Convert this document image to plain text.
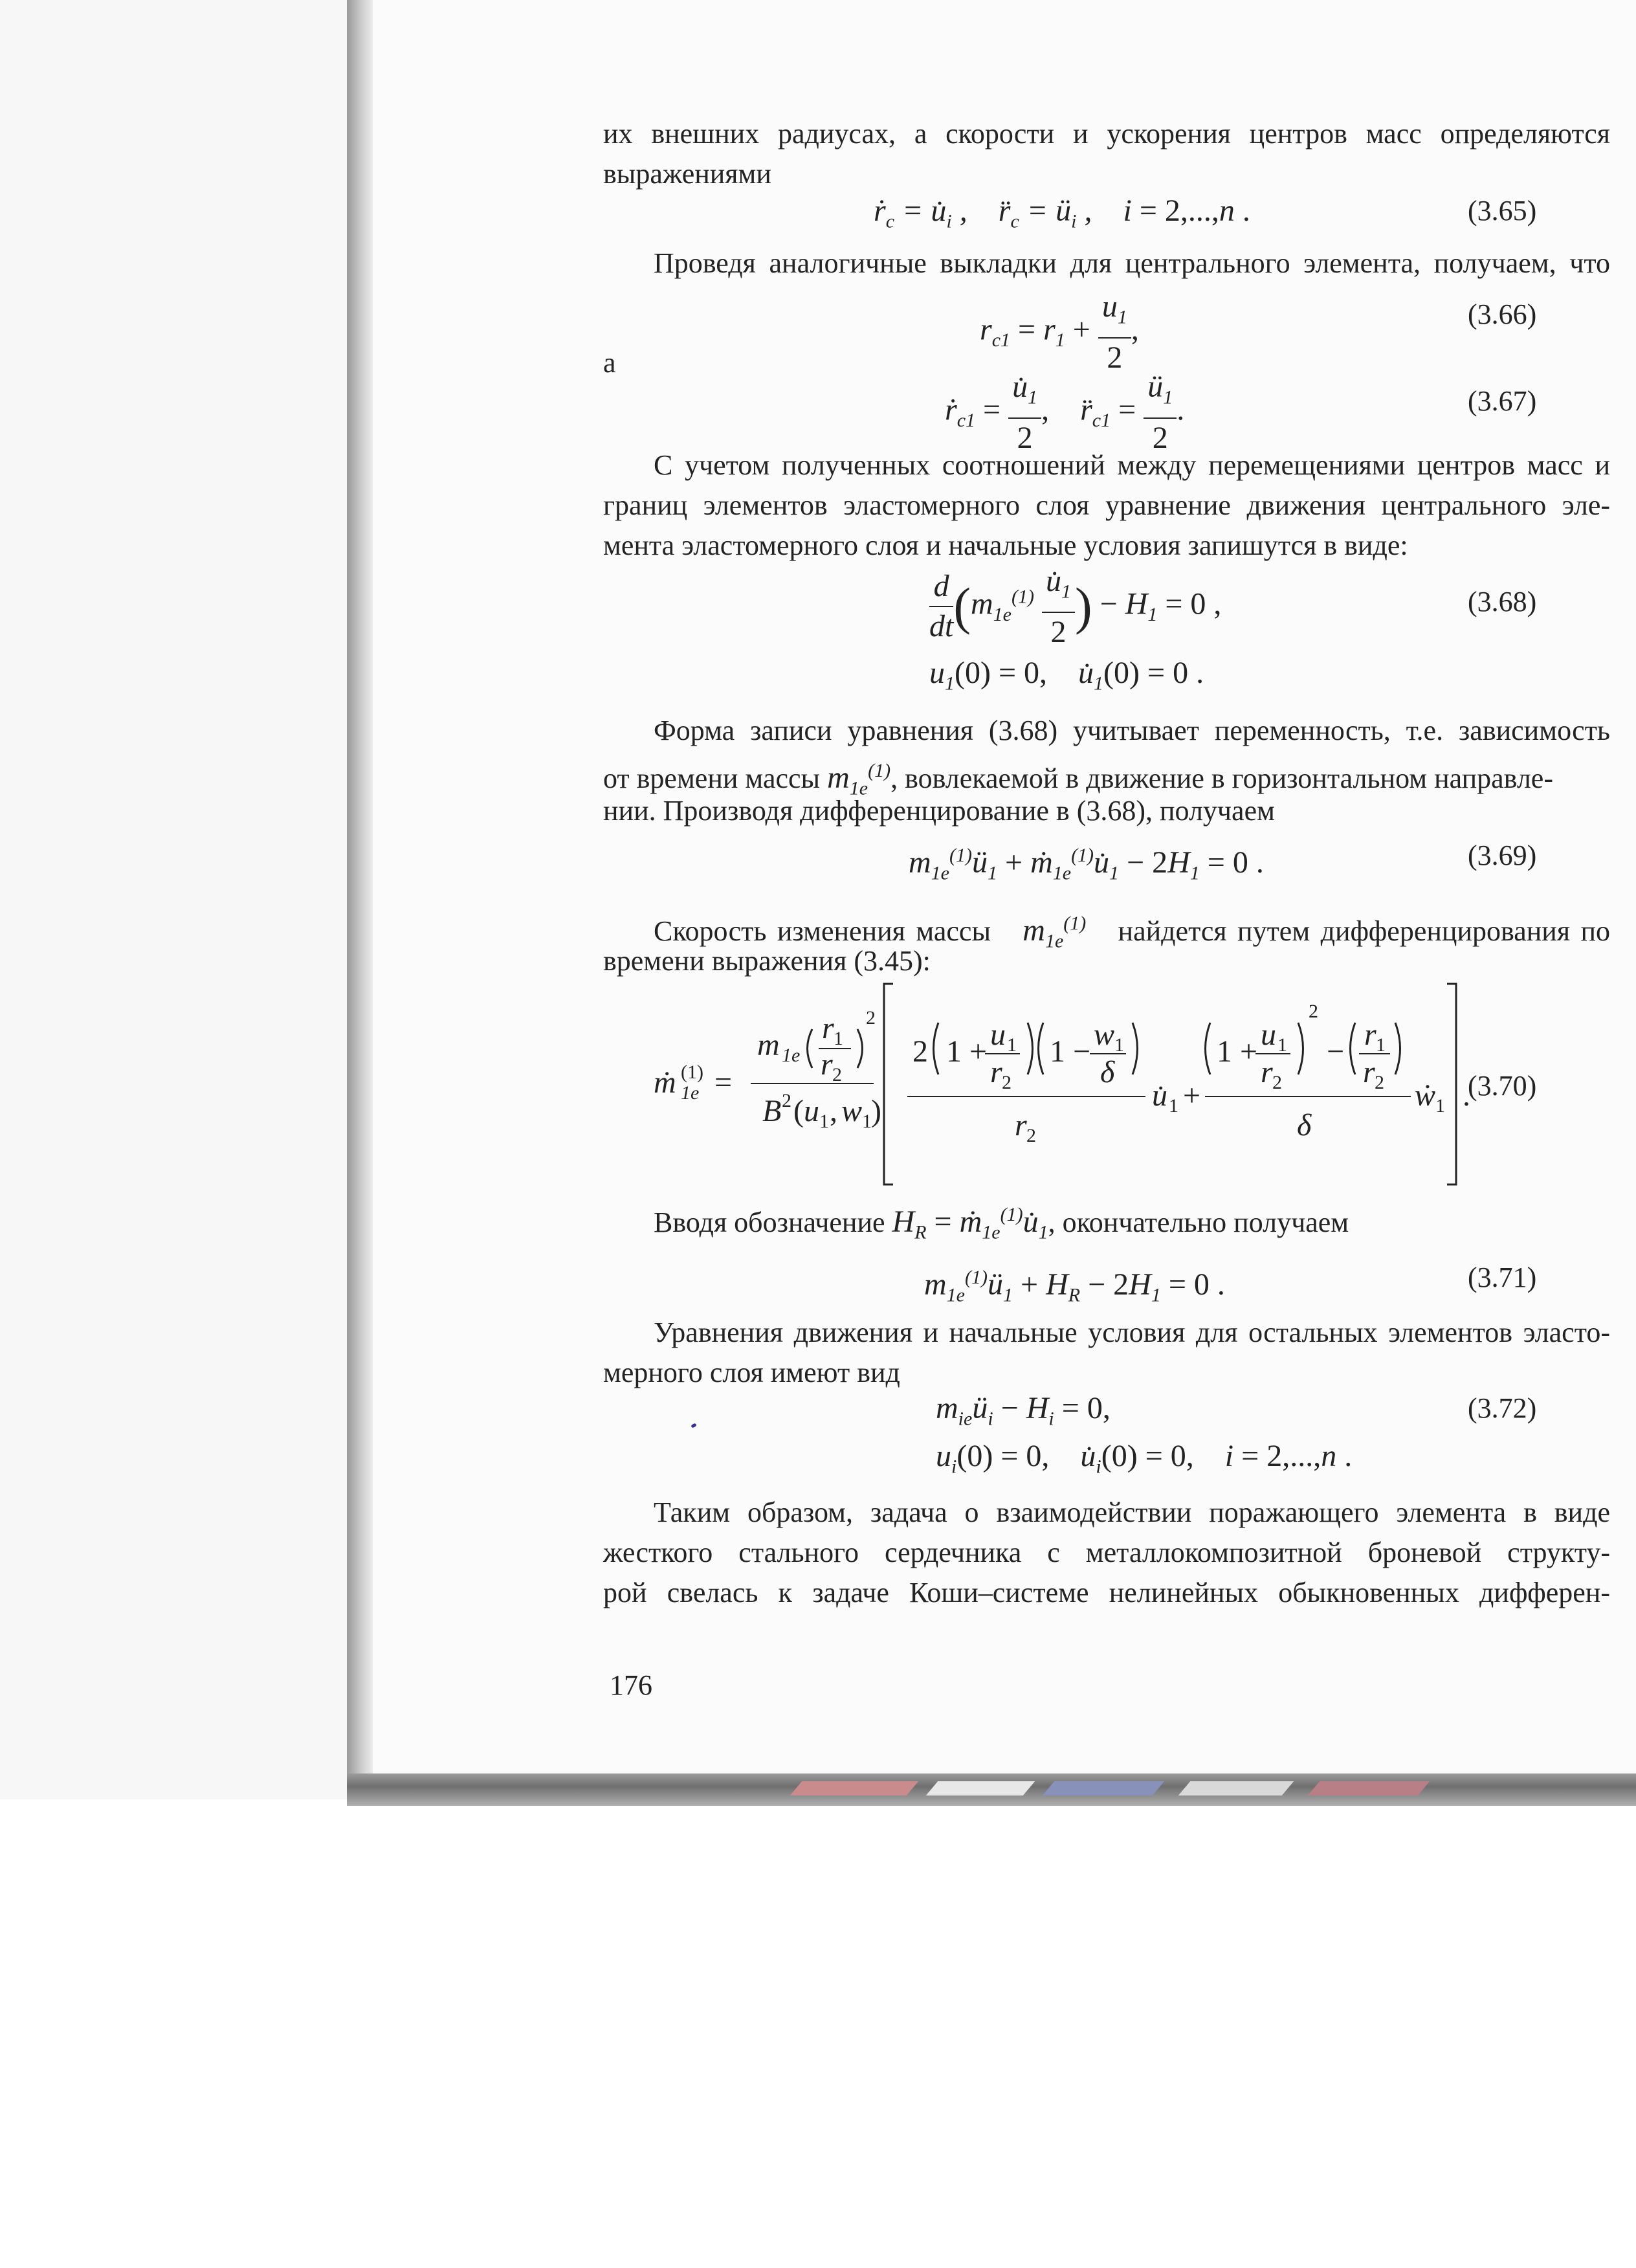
их внешних радиусах, а скорости и ускорения центров масс определяются
выражениями
ṙ$_c$ = $u̇_i$ ,    $r̈_c$ = $ü_i$ ,    i = 2,...,n .	(3.65)
Проведя аналогичные выкладки для центрального элемента, получаем, что
$r_{c1} = r_1 + \frac{u_1}{2}$ ,	(3.66)
а
ṙ$_{c1}$ = $\frac{u̇_1}{2}$ ,    $r̈_{c1} = \frac{ü_1}{2}$ .	(3.67)
С учетом полученных соотношений между перемещениями центров масс и
границ элементов эластомерного слоя уравнение движения центрального эле-
мента эластомерного слоя и начальные условия запишутся в виде:
$\frac{d}{dt} (m_{1e}^{(1)} \frac{u̇_1}{2}$ ) − $H_1 = 0$ ,	(3.68)
$u_1(0) = 0$,    $u̇_1(0) = 0$ .
Форма записи уравнения (3.68) учитывает переменность, т.е. зависимость
от времени массы $m_{1e}^{(1)}$, вовлекаемой в движение в горизонтальном направле-
нии. Производя дифференцирование в (3.68), получаем
$m_{1e}^{(1)}ü_1$ + $ṁ_{1e}^{(1)}u̇_1 - 2H_1 = 0$ .	(3.69)
Скорость изменения массы $m_{1e}^{(1)}$ найдется путем дифференцирования по
времени выражения (3.45):
ṁ 1e
(1) =
m 1e
r 1
r 2
2
B 2 ( u 1 , w 1 )
2 1 + u 1
r 2
1 − w 1
δ
r 2
u̇ 1 +
1 + u 1
r 2
2
− r 1
r 2
δ
ẇ 1 .
(3.70)
Вводя обозначение $H_R$ = $ṁ_{1e}^{(1)}u̇_1$, окончательно получаем
$m_{1e}^{(1)}ü_1 + H_R - 2H_1 = 0$ .	(3.71)
Уравнения движения и начальные условия для остальных элементов эласто-
мерного слоя имеют вид
$m_{ie}ü_i - H_i = 0$,	(3.72)
$u_i(0) = 0$,    $u̇_i(0) = 0$,    i = 2,...,n .
Таким образом, задача о взаимодействии поражающего элемента в виде
жесткого стального сердечника с металлокомпозитной броневой структу-
рой свелась к задаче Коши–системе нелинейных обыкновенных дифферен-
176
